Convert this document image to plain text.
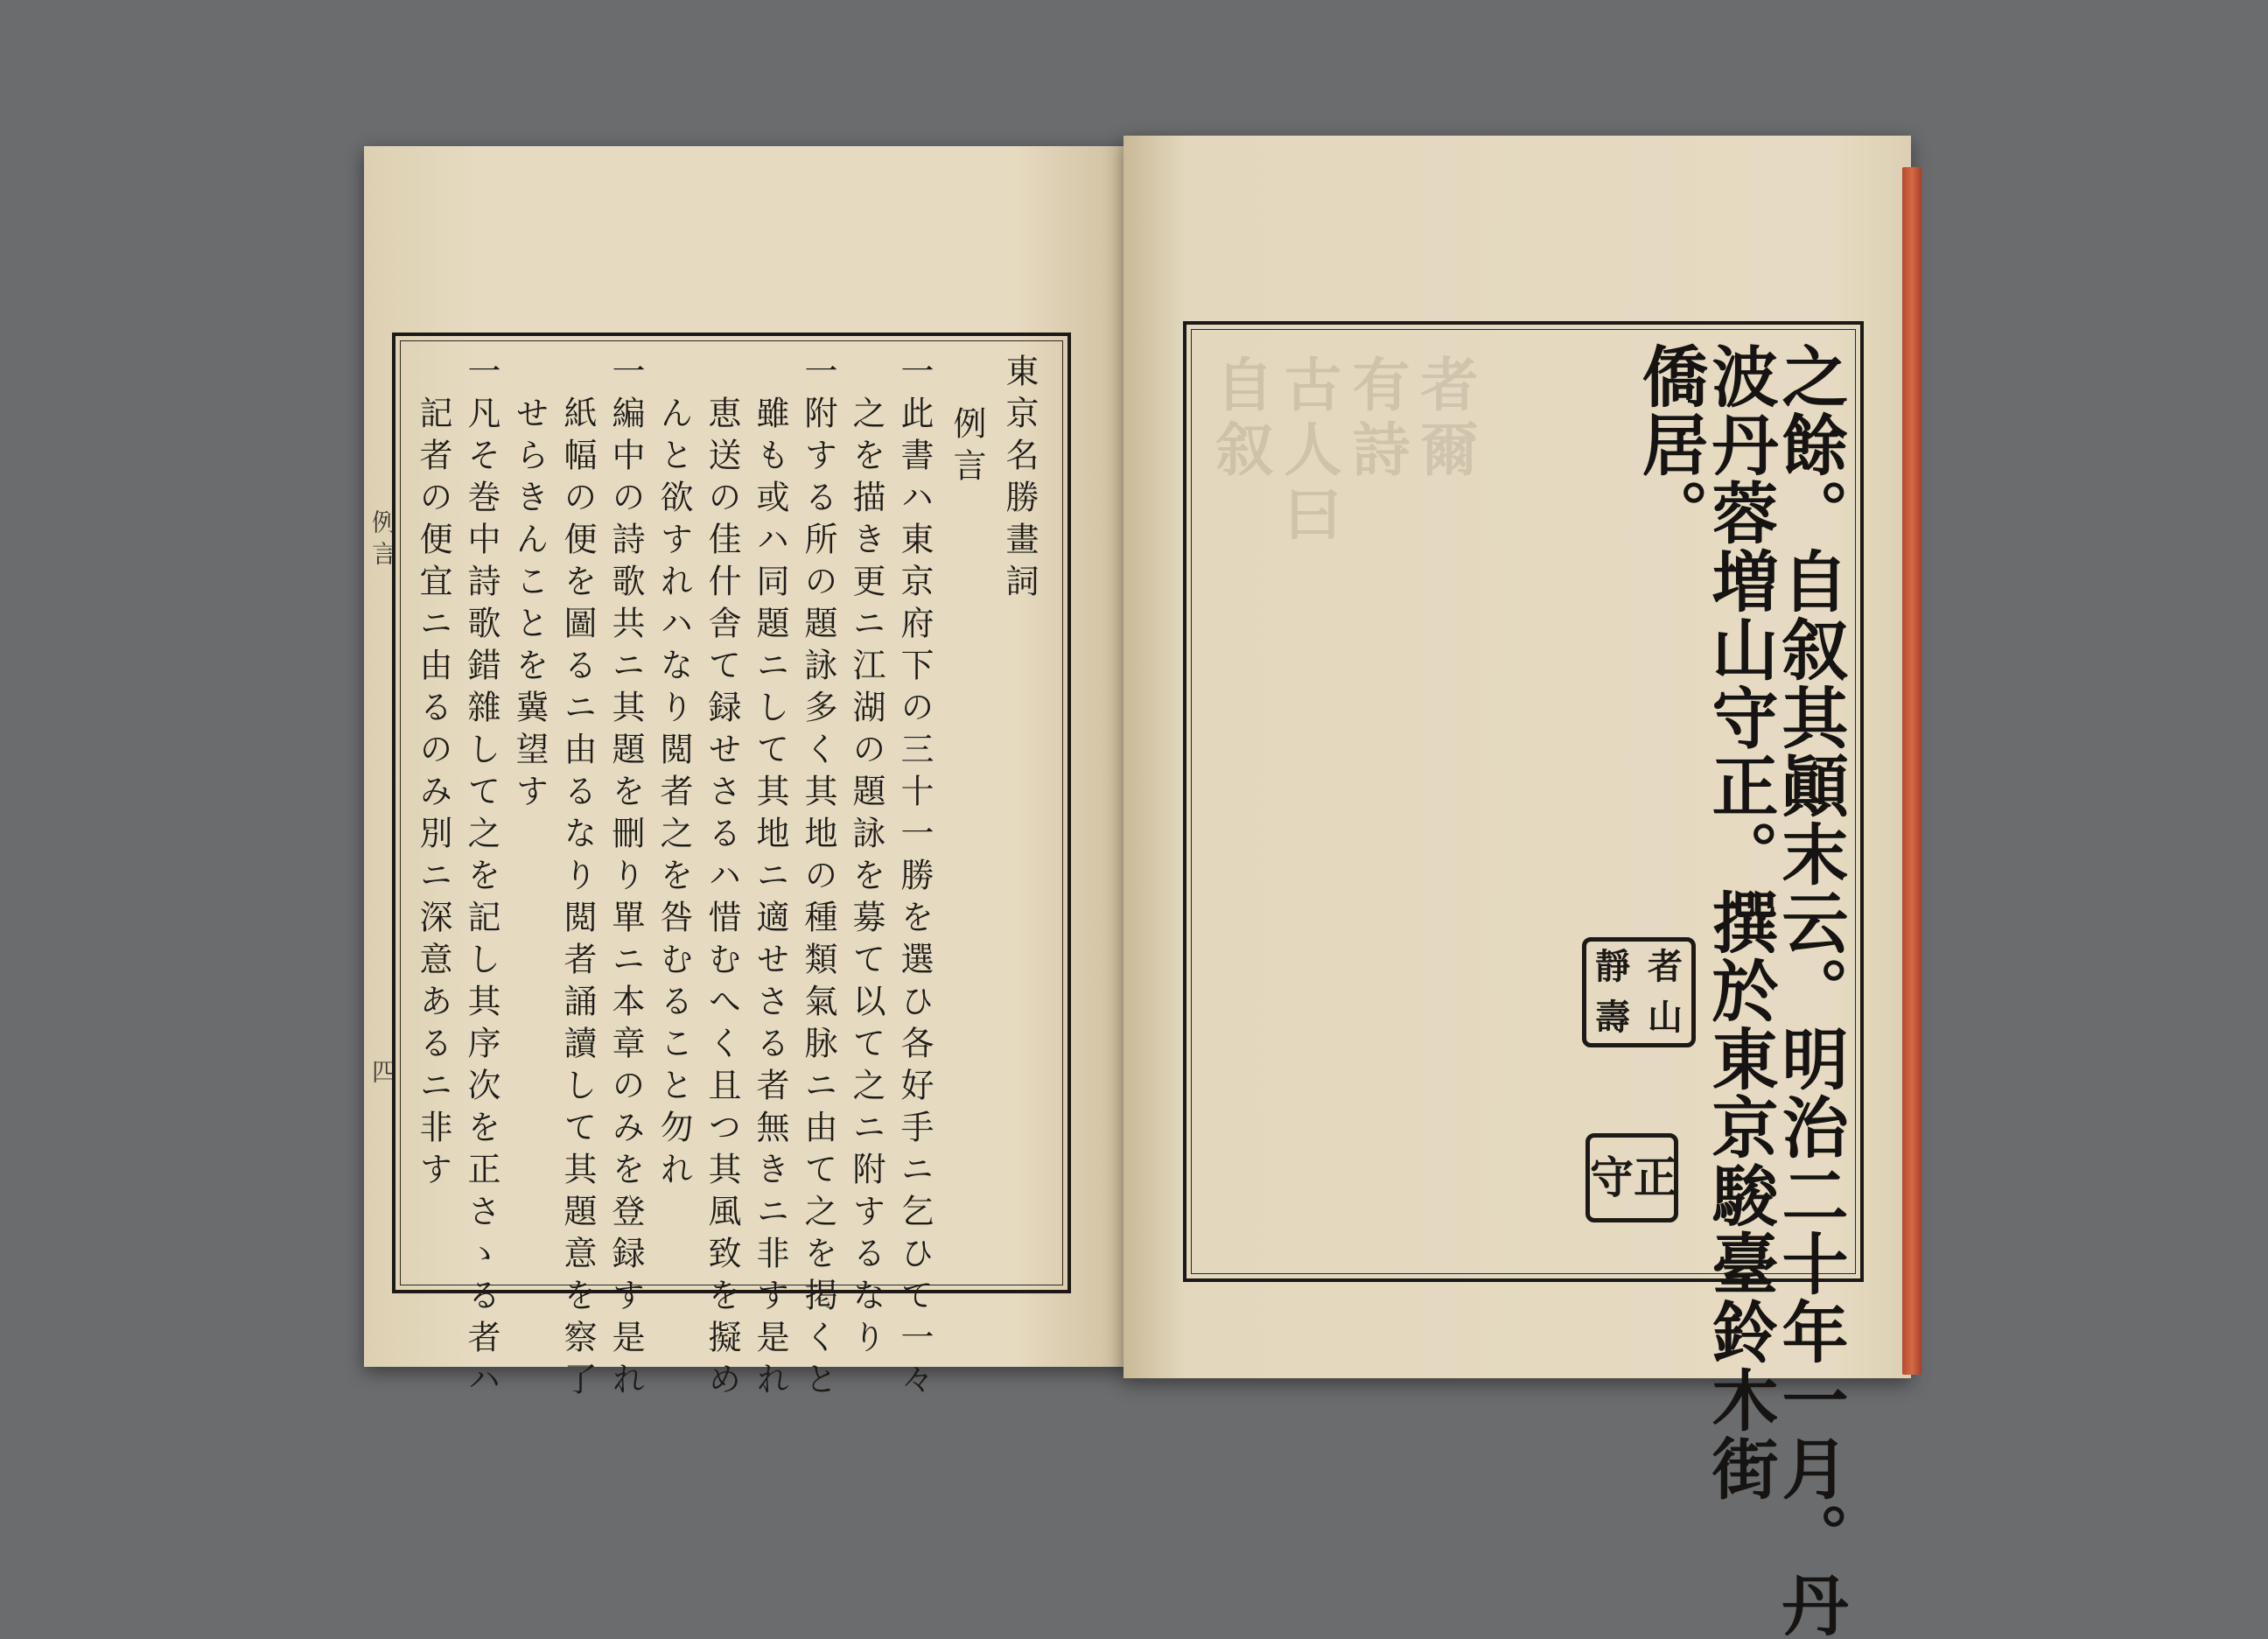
例言
四
東京名勝畫詞
例言
一此書ハ東京府下の三十一勝を選ひ各好手ニ乞ひて一々
之を描き更ニ江湖の題詠を募て以て之ニ附するなり
一附する所の題詠多く其地の種類氣脉ニ由て之を掲くと
雖も或ハ同題ニして其地ニ適せさる者無きニ非す是れ
恵送の佳什舎て録せさるハ惜むへく且つ其風致を擬め
んと欲すれハなり閲者之を咎むること勿れ
一編中の詩歌共ニ其題を刪り單ニ本章のみを登録す是れ
紙幅の便を圖るニ由るなり閲者誦讀して其題意を察了
せらきんことを冀望す
一凡そ巻中詩歌錯雜して之を記し其序次を正さゝる者ハ
記者の便宜ニ由るのみ別ニ深意あるニ非す	自叙 古人曰 有詩 者爾	之餘。自叙其顚末云。明治二十年一月。丹
波丹蓉増山守正。撰於東京駿臺鈴木街
僑居。
靜 者
壽 山
守 正
